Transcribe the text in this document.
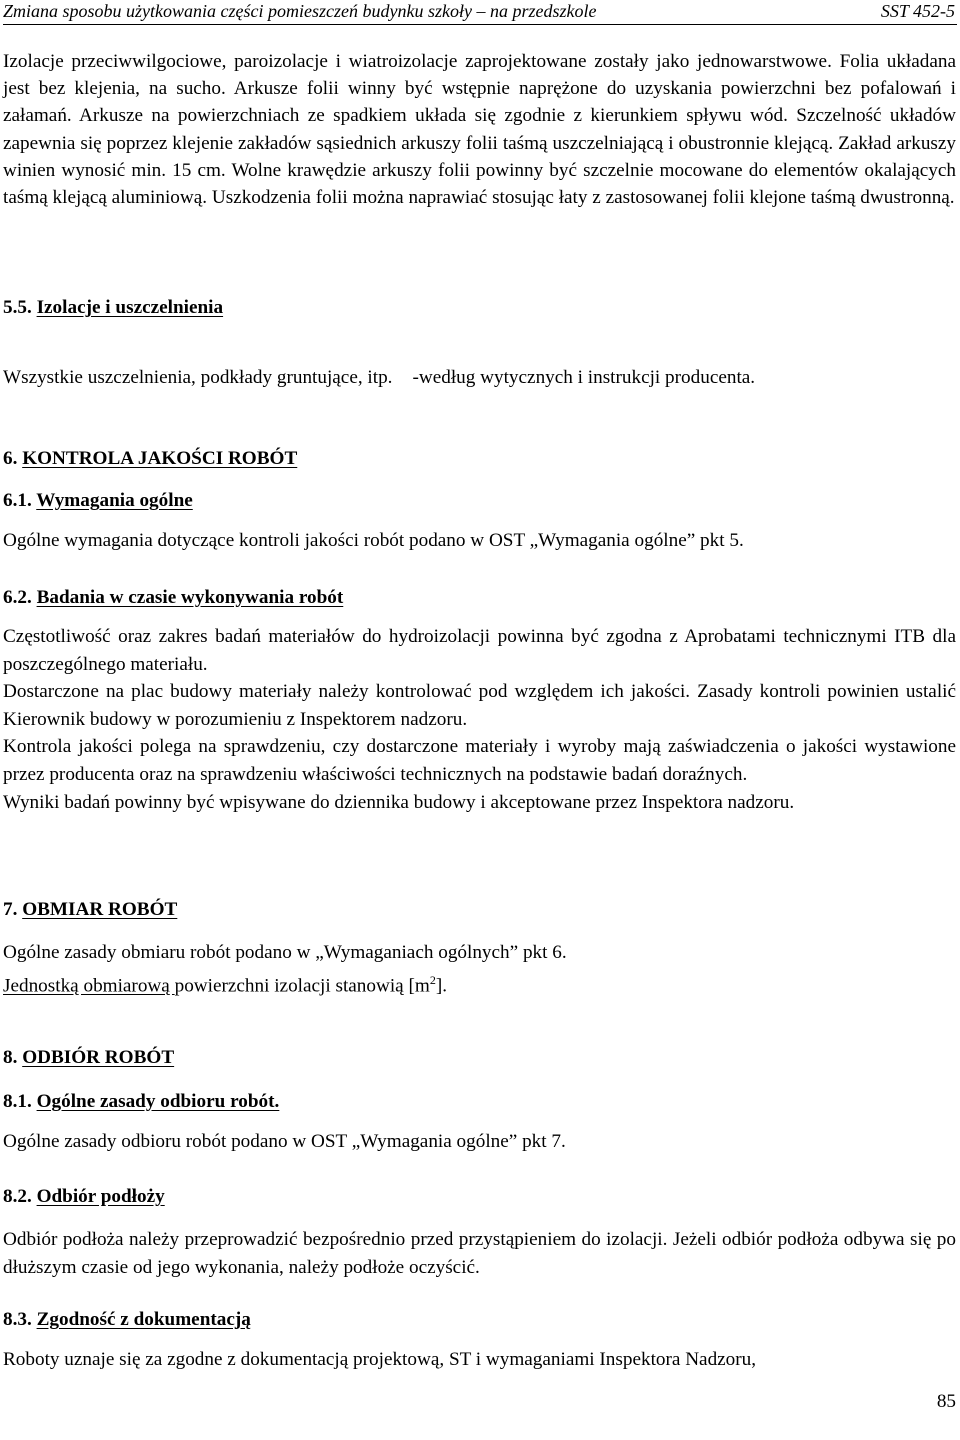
Zmiana sposobu użytkowania części pomieszczeń budynku szkoły – na przedszkole	SST 452-5

Izolacje przeciwwilgociowe, paroizolacje i wiatroizolacje zaprojektowane zostały jako jednowarstwowe. Folia układana jest bez klejenia, na sucho. Arkusze folii winny być wstępnie naprężone do uzyskania powierzchni bez pofalowań i załamań. Arkusze na powierzchniach ze spadkiem układa się zgodnie z kierunkiem spływu wód. Szczelność układów zapewnia się poprzez klejenie zakładów sąsiednich arkuszy folii taśmą uszczelniającą i obustronnie klejącą. Zakład arkuszy winien wynosić min. 15 cm. Wolne krawędzie arkuszy folii powinny być szczelnie mocowane do elementów okalających taśmą klejącą aluminiową. Uszkodzenia folii można naprawiać stosując łaty z zastosowanej folii klejone taśmą dwustronną.

5.5. Izolacje i uszczelnienia
Wszystkie uszczelnienia, podkłady gruntujące, itp. -według wytycznych i instrukcji producenta.
6. KONTROLA JAKOŚCI ROBÓT
6.1. Wymagania ogólne

Ogólne wymagania dotyczące kontroli jakości robót podano w OST „Wymagania ogólne” pkt 5.

6.2. Badania w czasie wykonywania robót

Częstotliwość oraz zakres badań materiałów do hydroizolacji powinna być zgodna z Aprobatami technicznymi ITB dla poszczególnego materiału.

Dostarczone na plac budowy materiały należy kontrolować pod względem ich jakości. Zasady kontroli powinien ustalić Kierownik budowy w porozumieniu z Inspektorem nadzoru.

Kontrola jakości polega na sprawdzeniu, czy dostarczone materiały i wyroby mają zaświadczenia o jakości wystawione przez producenta oraz na sprawdzeniu właściwości technicznych na podstawie badań doraźnych.

Wyniki badań powinny być wpisywane do dziennika budowy i akceptowane przez Inspektora nadzoru.

7. OBMIAR ROBÓT

Ogólne zasady obmiaru robót podano w „Wymaganiach ogólnych” pkt 6.

Jednostką obmiarową powierzchni izolacji stanowią $[m^2]$.

8. ODBIÓR ROBÓT
8.1. Ogólne zasady odbioru robót.

Ogólne zasady odbioru robót podano w OST „Wymagania ogólne” pkt 7.

8.2. Odbiór podłoży

Odbiór podłoża należy przeprowadzić bezpośrednio przed przystąpieniem do izolacji. Jeżeli odbiór podłoża odbywa się po dłuższym czasie od jego wykonania, należy podłoże oczyścić.

8.3. Zgodność z dokumentacją

Roboty uznaje się za zgodne z dokumentacją projektową, ST i wymaganiami Inspektora Nadzoru,

85
